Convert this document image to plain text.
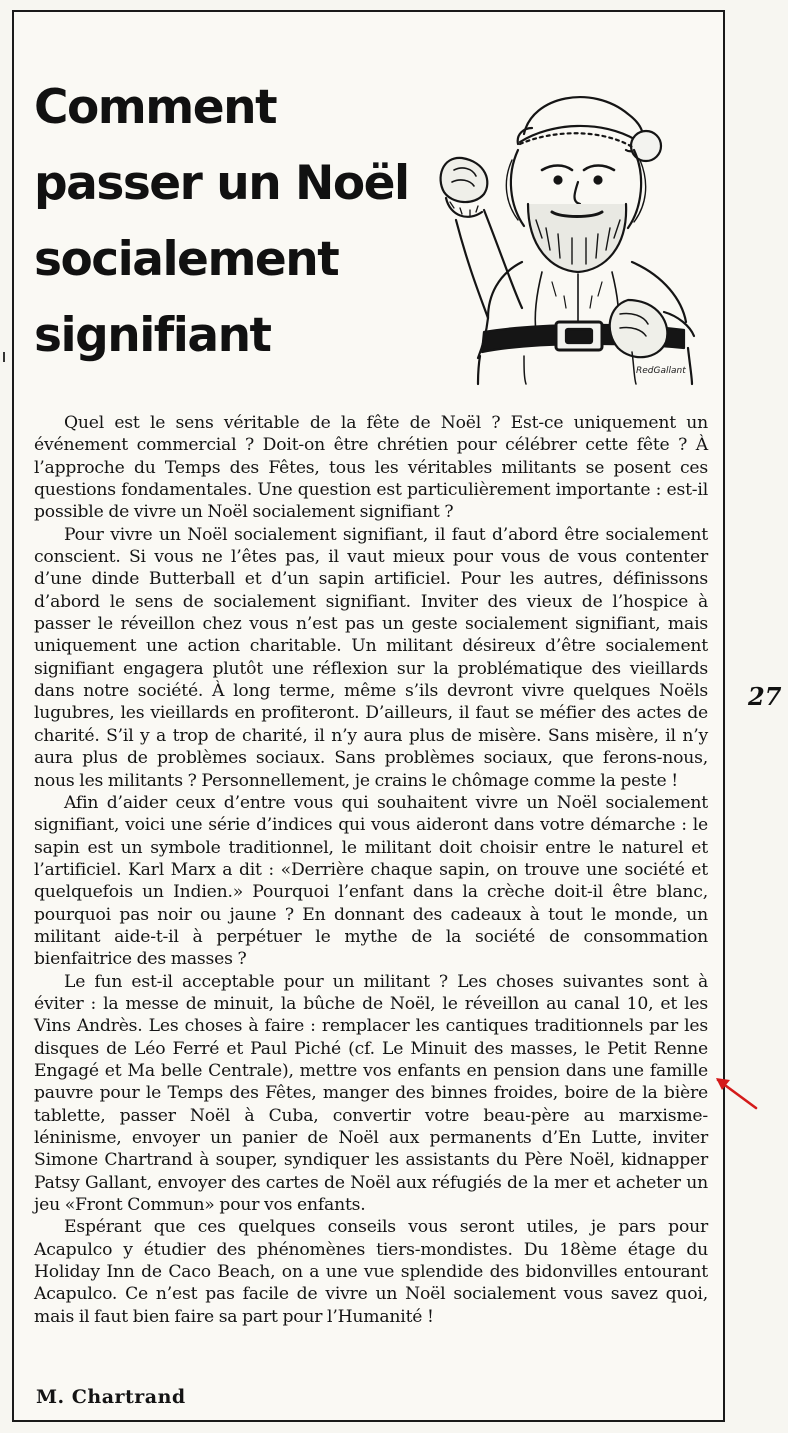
Comment
passer un Noël
socialement
signifiant
RedGallant

Quel est le sens véritable de la fête de Noël ? Est-ce uniquement un événement commercial ? Doit-on être chrétien pour célébrer cette fête ? À l’approche du Temps des Fêtes, tous les véritables militants se posent ces questions fondamentales. Une question est particulièrement importante : est-il possible de vivre un Noël socialement signifiant ?

Pour vivre un Noël socialement signifiant, il faut d’abord être socialement conscient. Si vous ne l’êtes pas, il vaut mieux pour vous de vous contenter d’une dinde Butterball et d’un sapin artificiel. Pour les autres, définissons d’abord le sens de socialement signifiant. Inviter des vieux de l’hospice à passer le réveillon chez vous n’est pas un geste socialement signifiant, mais uniquement une action charitable. Un militant désireux d’être socialement signifiant engagera plutôt une réflexion sur la problématique des vieillards dans notre société. À long terme, même s’ils devront vivre quelques Noëls lugubres, les vieillards en profiteront. D’ailleurs, il faut se méfier des actes de charité. S’il y a trop de charité, il n’y aura plus de misère. Sans misère, il n’y aura plus de problèmes sociaux. Sans problèmes sociaux, que ferons-nous, nous les militants ? Personnellement, je crains le chômage comme la peste !

Afin d’aider ceux d’entre vous qui souhaitent vivre un Noël socialement signifiant, voici une série d’indices qui vous aideront dans votre démarche : le sapin est un symbole traditionnel, le militant doit choisir entre le naturel et l’artificiel. Karl Marx a dit : «Derrière chaque sapin, on trouve une société et quelquefois un Indien.» Pourquoi l’enfant dans la crèche doit-il être blanc, pourquoi pas noir ou jaune ? En donnant des cadeaux à tout le monde, un militant aide-t-il à perpétuer le mythe de la société de consommation bienfaitrice des masses ?

Le fun est-il acceptable pour un militant ? Les choses suivantes sont à éviter : la messe de minuit, la bûche de Noël, le réveillon au canal 10, et les Vins Andrès. Les choses à faire : remplacer les cantiques traditionnels par les disques de Léo Ferré et Paul Piché (cf. Le Minuit des masses, le Petit Renne Engagé et Ma belle Centrale), mettre vos enfants en pension dans une famille pauvre pour le Temps des Fêtes, manger des binnes froides, boire de la bière tablette, passer Noël à Cuba, convertir votre beau-père au marxisme-léninisme, envoyer un panier de Noël aux permanents d’En Lutte, inviter Simone Chartrand à souper, syndiquer les assistants du Père Noël, kidnapper Patsy Gallant, envoyer des cartes de Noël aux réfugiés de la mer et acheter un jeu «Front Commun» pour vos enfants.

Espérant que ces quelques conseils vous seront utiles, je pars pour Acapulco y étudier des phénomènes tiers-mondistes. Du 18ème étage du Holiday Inn de Caco Beach, on a une vue splendide des bidonvilles entourant Acapulco. Ce n’est pas facile de vivre un Noël socialement vous savez quoi, mais il faut bien faire sa part pour l’Humanité !

M. Chartrand
27
